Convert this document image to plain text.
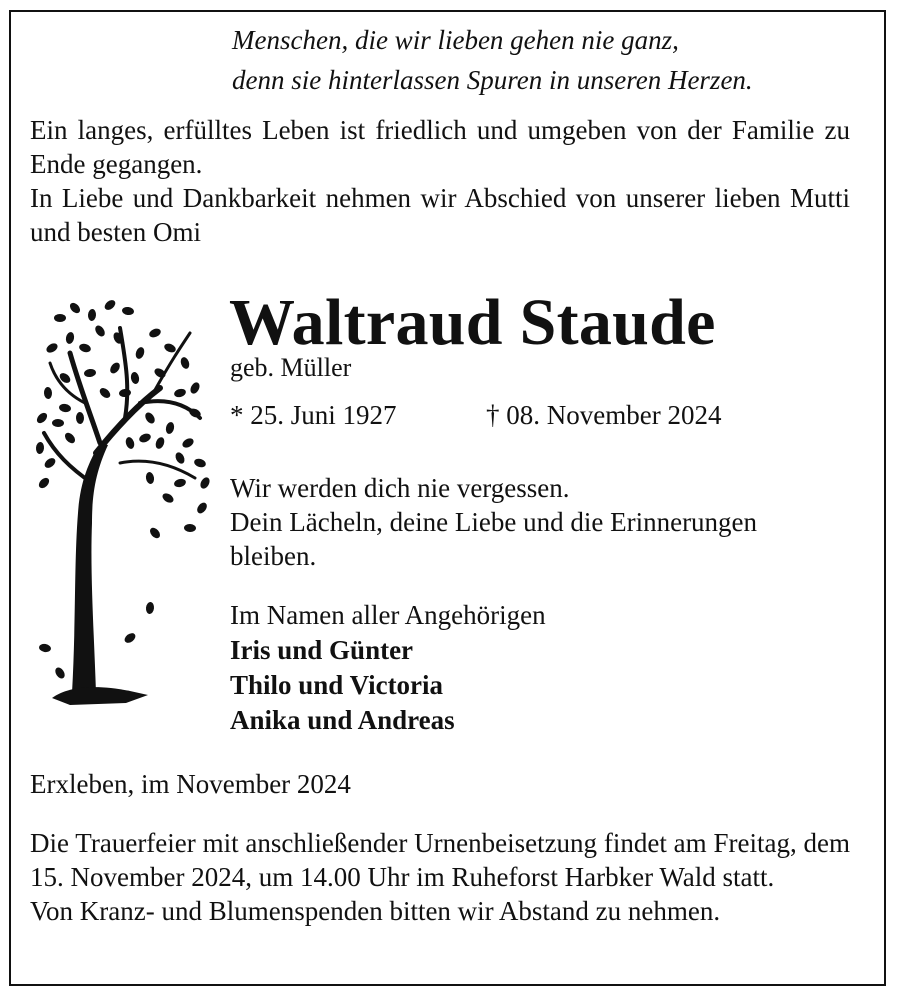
Menschen, die wir lieben gehen nie ganz,
denn sie hinterlassen Spuren in unseren Herzen.

Ein langes, erfülltes Leben ist friedlich und umgeben von der Familie zu Ende gegangen.

In Liebe und Dankbarkeit nehmen wir Abschied von unserer lieben Mutti und besten Omi

Waltraud Staude
geb. Müller
* 25. Juni 1927	† 08. November 2024
Wir werden dich nie vergessen.
Dein Lächeln, deine Liebe und die Erinnerungen
bleiben.
Im Namen aller Angehörigen
Iris und Günter
Thilo und Victoria
Anika und Andreas
Erxleben, im November 2024

Die Trauerfeier mit anschließender Urnenbeisetzung findet am Freitag, dem 15. November 2024, um 14.00 Uhr im Ruheforst Harbker Wald statt.

Von Kranz- und Blumenspenden bitten wir Abstand zu nehmen.
